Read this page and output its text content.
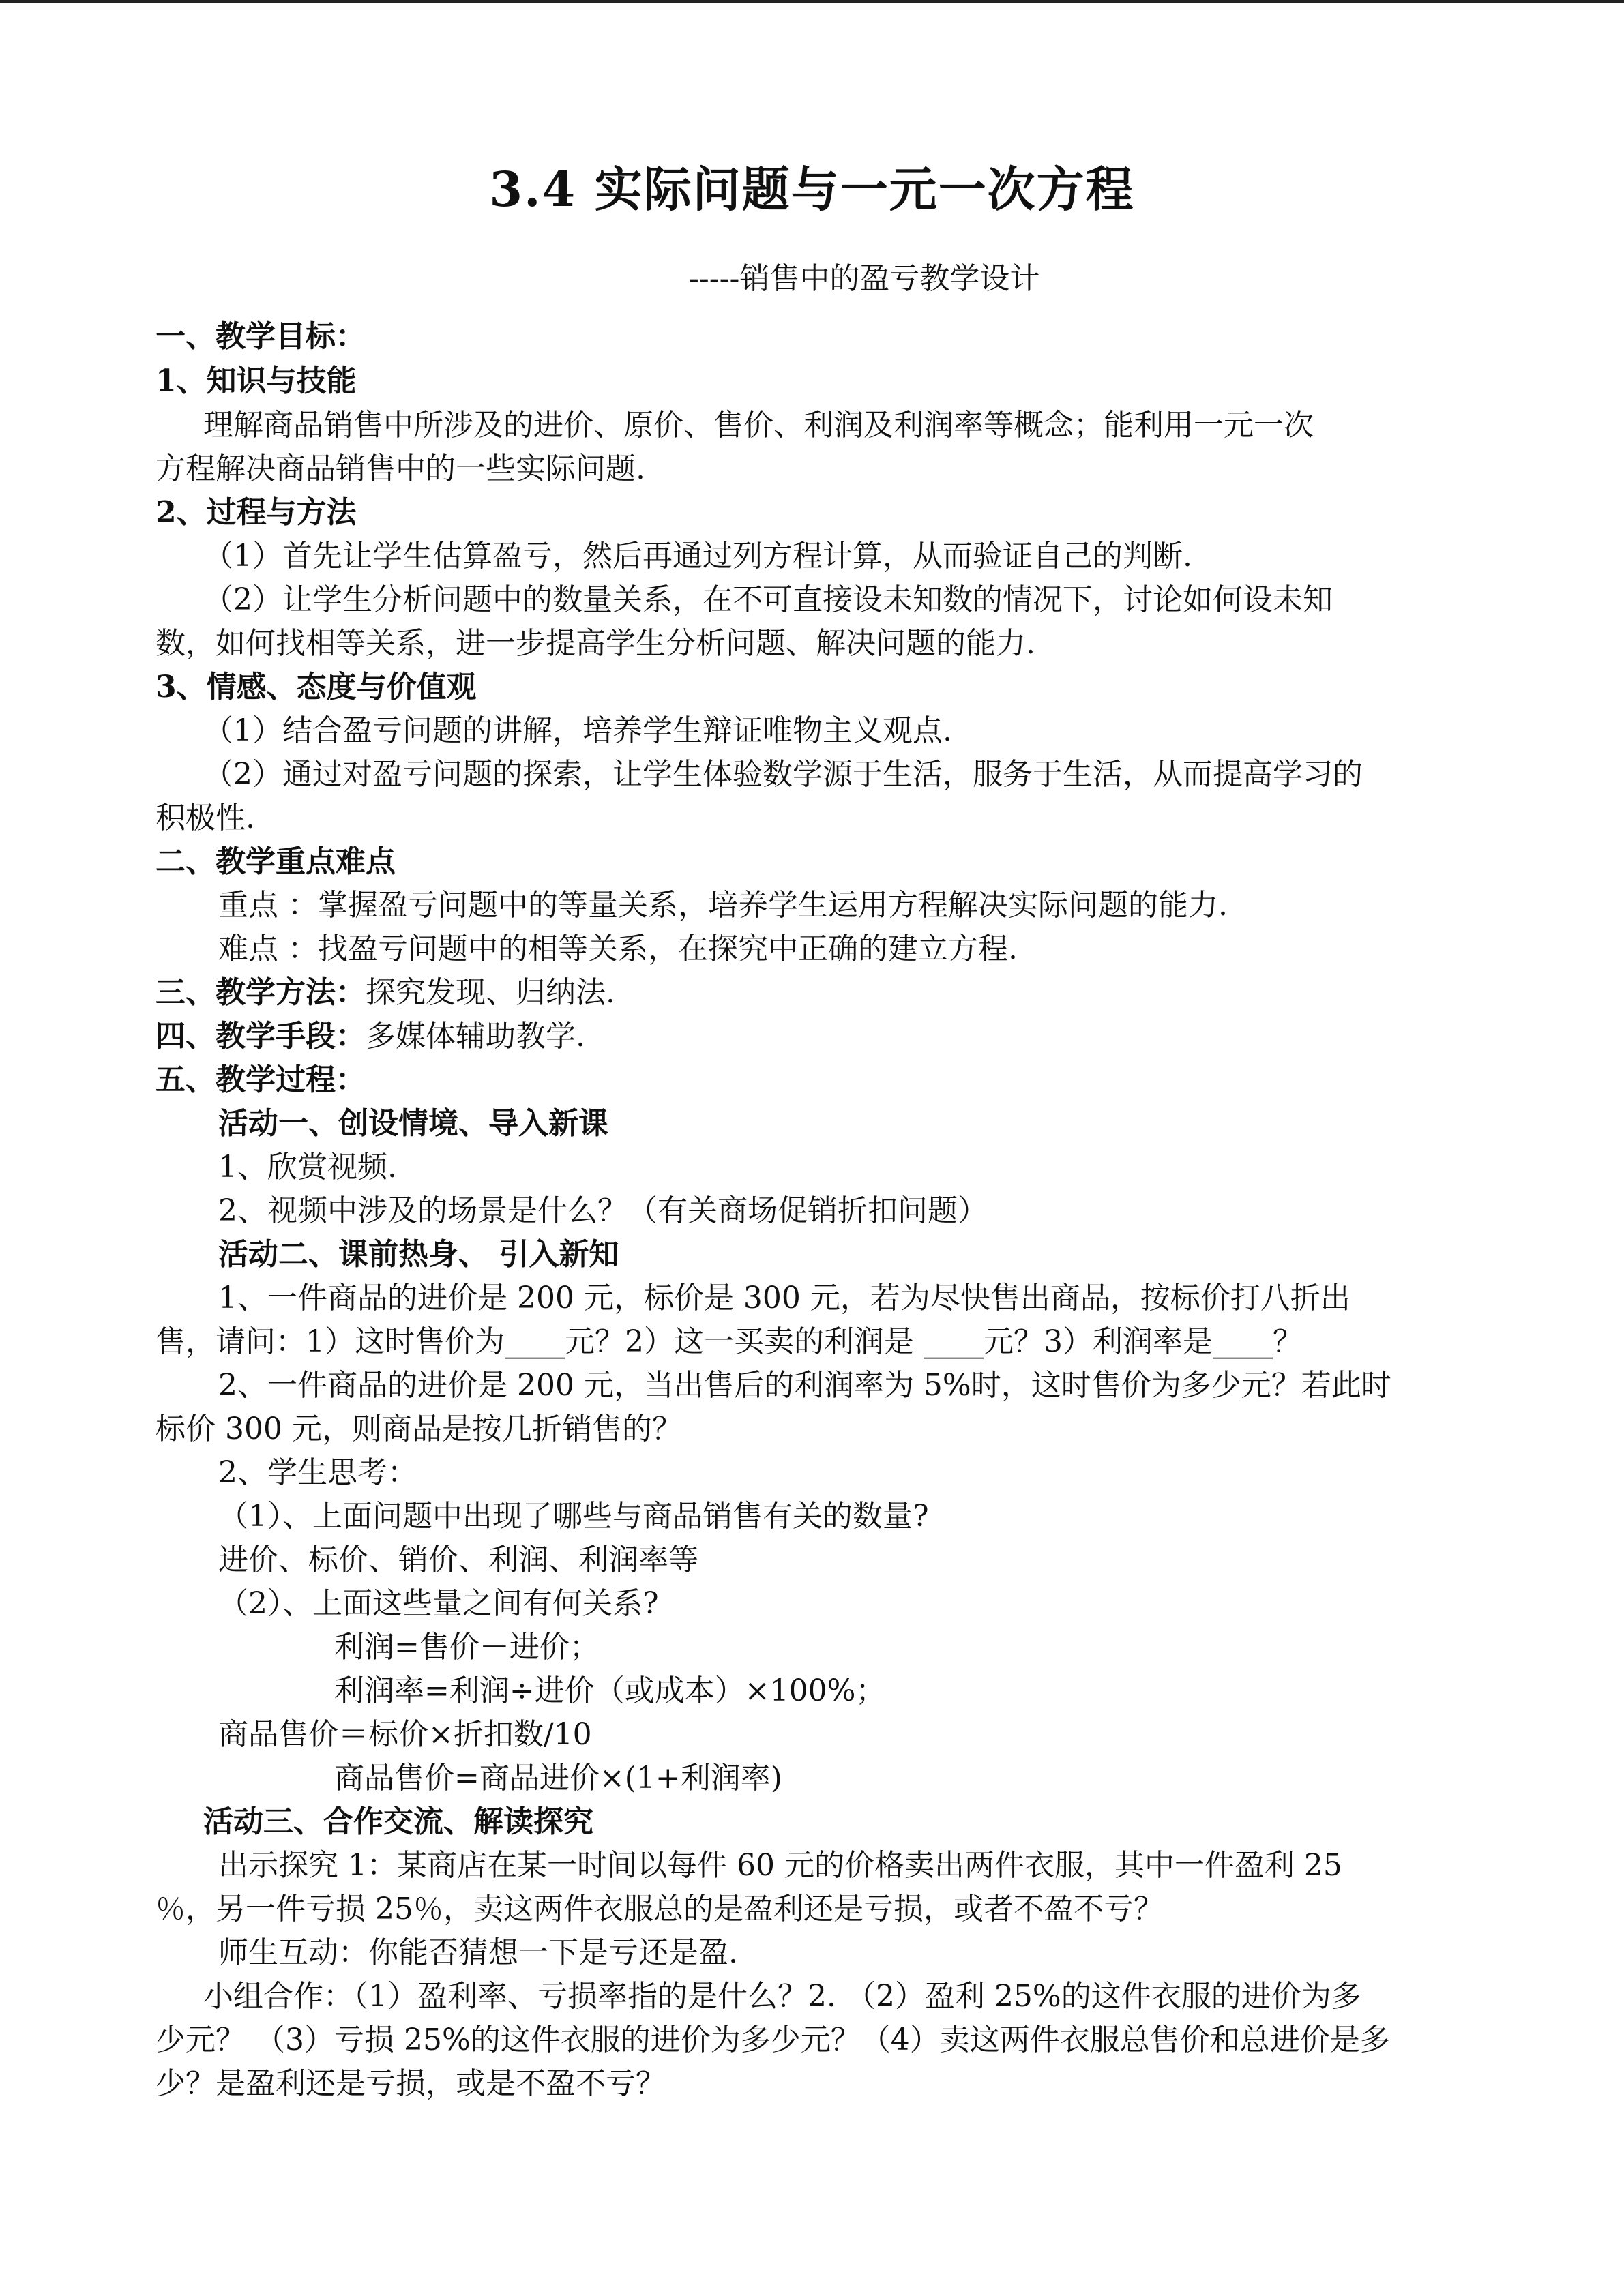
3.4 实际问题与一元一次方程
-----销售中的盈亏教学设计
一、教学目标：
1、知识与技能
理解商品销售中所涉及的进价、原价、售价、利润及利润率等概念；能利用一元一次
方程解决商品销售中的一些实际问题.
2、过程与方法
（1）首先让学生估算盈亏，然后再通过列方程计算，从而验证自己的判断.
（2）让学生分析问题中的数量关系，在不可直接设未知数的情况下，讨论如何设未知
数，如何找相等关系，进一步提高学生分析问题、解决问题的能力.
3、情感、态度与价值观
（1）结合盈亏问题的讲解，培养学生辩证唯物主义观点.
（2）通过对盈亏问题的探索，让学生体验数学源于生活，服务于生活，从而提高学习的
积极性.
二、教学重点难点
重点 ：掌握盈亏问题中的等量关系，培养学生运用方程解决实际问题的能力.
难点 ：找盈亏问题中的相等关系，在探究中正确的建立方程.
三、教学方法：探究发现、归纳法.
四、教学手段：多媒体辅助教学.
五、教学过程：
活动一、创设情境、导入新课
1、欣赏视频.
2、视频中涉及的场景是什么？（有关商场促销折扣问题）
活动二、课前热身、 引入新知
1、一件商品的进价是 200 元，标价是 300 元，若为尽快售出商品，按标价打八折出
售，请问：1）这时售价为____元？2）这一买卖的利润是 ____元？3）利润率是____？
2、一件商品的进价是 200 元，当出售后的利润率为 5%时，这时售价为多少元？若此时
标价 300 元，则商品是按几折销售的？
2、学生思考：
（1）、上面问题中出现了哪些与商品销售有关的数量?
进价、标价、销价、利润、利润率等
（2）、上面这些量之间有何关系?
利润=售价－进价；
利润率=利润÷进价（或成本）×100%；
商品售价＝标价×折扣数/10
商品售价=商品进价×(1+利润率)
活动三、合作交流、解读探究
出示探究 1：某商店在某一时间以每件 60 元的价格卖出两件衣服，其中一件盈利 25
％，另一件亏损 25％，卖这两件衣服总的是盈利还是亏损，或者不盈不亏？
师生互动：你能否猜想一下是亏还是盈.
小组合作：（1）盈利率、亏损率指的是什么？2. （2）盈利 25%的这件衣服的进价为多
少元？ （3）亏损 25%的这件衣服的进价为多少元？（4）卖这两件衣服总售价和总进价是多
少？是盈利还是亏损，或是不盈不亏？
